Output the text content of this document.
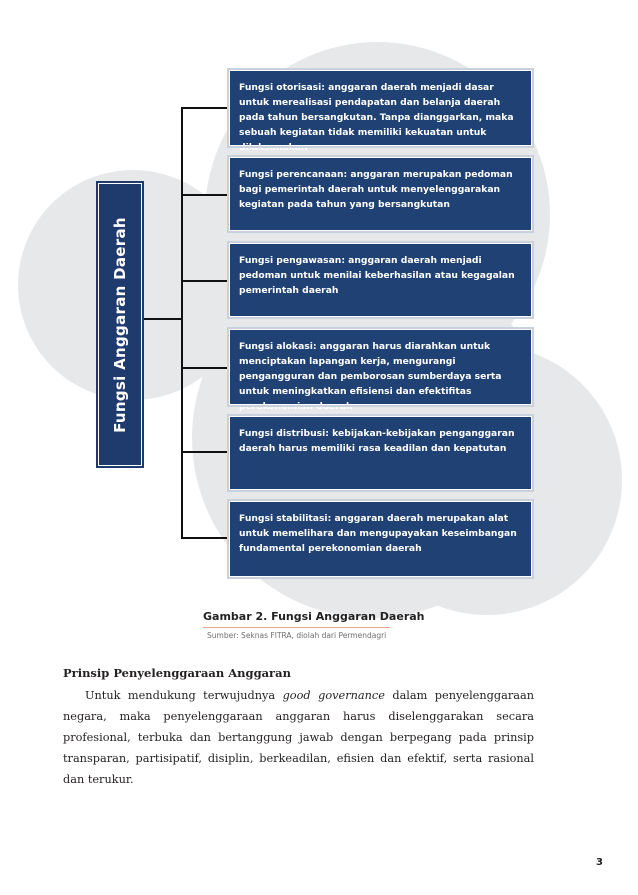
Fungsi Anggaran Daerah
Fungsi otorisasi: anggaran daerah menjadi dasar untuk merealisasi pendapatan dan belanja daerah pada tahun bersangkutan. Tanpa dianggarkan, maka sebuah kegiatan tidak memiliki kekuatan untuk dilaksanakan
Fungsi perencanaan: anggaran merupakan pedoman bagi pemerintah daerah untuk menyelenggarakan kegiatan pada tahun yang bersangkutan
Fungsi pengawasan: anggaran daerah menjadi pedoman untuk menilai keberhasilan atau kegagalan pemerintah daerah
Fungsi alokasi: anggaran harus diarahkan untuk menciptakan lapangan kerja, mengurangi pengangguran dan pemborosan sumberdaya serta untuk meningkatkan efisiensi dan efektifitas perekonomian daerah
Fungsi distribusi: kebijakan-kebijakan penganggaran daerah harus memiliki rasa keadilan dan kepatutan
Fungsi stabilitasi: anggaran daerah merupakan alat untuk memelihara dan mengupayakan keseimbangan fundamental perekonomian daerah
Gambar 2. Fungsi Anggaran Daerah
Sumber: Seknas FITRA, diolah dari Permendagri
Prinsip Penyelenggaraan Anggaran
Untuk mendukung terwujudnya good governance dalam penyelenggaraan negara, maka penyelenggaraan anggaran harus diselenggarakan secara profesional, terbuka dan bertanggung jawab dengan berpegang pada prinsip transparan, partisipatif, disiplin, berkeadilan, efisien dan efektif, serta rasional dan terukur.
3
